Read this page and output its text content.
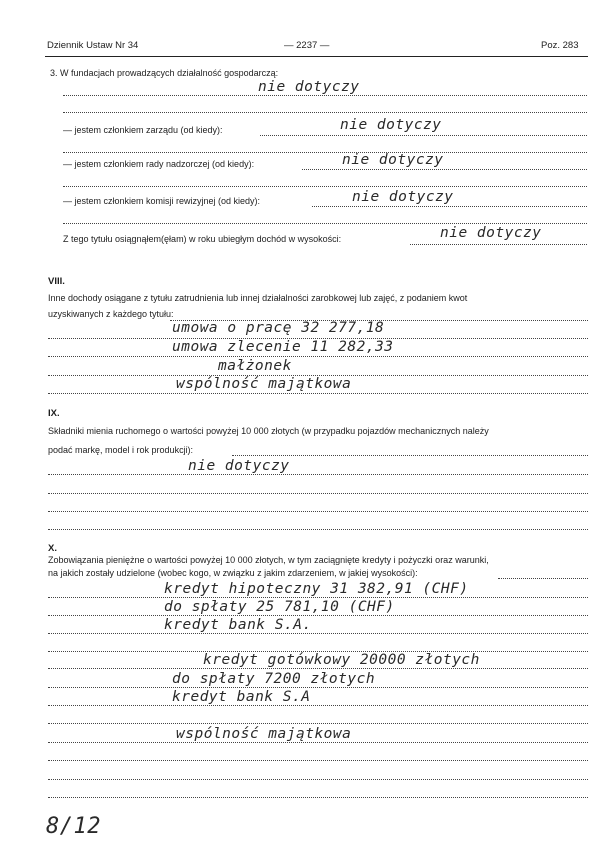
Dziennik Ustaw Nr 34	— 2237 —	Poz. 283
3. W fundacjach prowadzących działalność gospodarczą:
nie dotyczy
— jestem członkiem zarządu (od kiedy):	nie dotyczy
— jestem członkiem rady nadzorczej (od kiedy):	nie dotyczy
— jestem członkiem komisji rewizyjnej (od kiedy):	nie dotyczy
Z tego tytułu osiągnąłem(ęłam) w roku ubiegłym dochód w wysokości:	nie dotyczy
VIII.
Inne dochody osiągane z tytułu zatrudnienia lub innej działalności zarobkowej lub zajęć, z podaniem kwot
uzyskiwanych z każdego tytułu:
umowa o pracę 32 277,18
umowa zlecenie 11 282,33
małżonek
wspólność majątkowa
IX.
Składniki mienia ruchomego o wartości powyżej 10 000 złotych (w przypadku pojazdów mechanicznych należy
podać markę, model i rok produkcji):
nie dotyczy
X.
Zobowiązania pieniężne o wartości powyżej 10 000 złotych, w tym zaciągnięte kredyty i pożyczki oraz warunki,
na jakich zostały udzielone (wobec kogo, w związku z jakim zdarzeniem, w jakiej wysokości):
kredyt hipoteczny 31 382,91 (CHF)
do spłaty 25 781,10 (CHF)
kredyt bank S.A.
kredyt gotówkowy 20000 złotych
do spłaty 7200 złotych
kredyt bank S.A
wspólność majątkowa
8/12
